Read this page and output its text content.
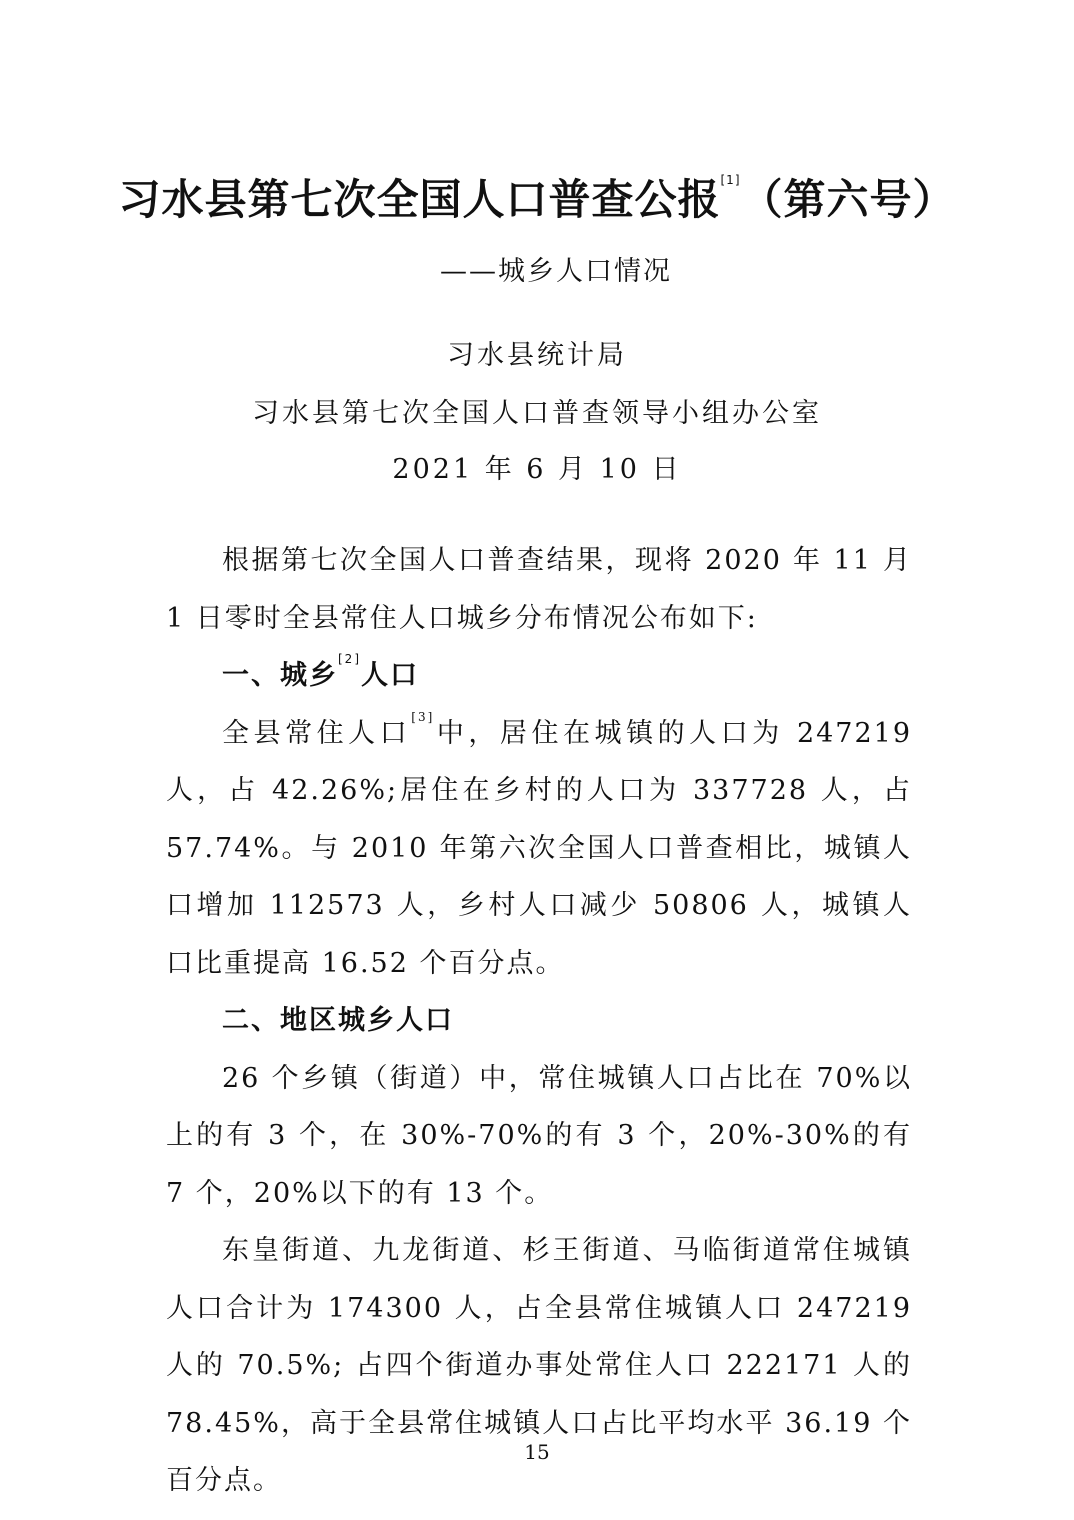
习水县第七次全国人口普查公报[1]（第六号）
——城乡人口情况
习水县统计局
习水县第七次全国人口普查领导小组办公室
2021 年 6 月 10 日

根据第七次全国人口普查结果，现将 2020 年 11 月 1 日零时全县常住人口城乡分布情况公布如下:

一、城乡[2]人口

全县常住人口[3]中，居住在城镇的人口为 247219 人，占 42.26%;居住在乡村的人口为 337728 人，占 57.74%。与 2010 年第六次全国人口普查相比，城镇人口增加 112573 人，乡村人口减少 50806 人，城镇人口比重提高 16.52 个百分点。

二、地区城乡人口

26 个乡镇（街道）中，常住城镇人口占比在 70%以上的有 3 个，在 30%-70%的有 3 个，20%-30%的有 7 个，20%以下的有 13 个。

东皇街道、九龙街道、杉王街道、马临街道常住城镇人口合计为 174300 人，占全县常住城镇人口 247219 人的 70.5%; 占四个街道办事处常住人口 222171 人的 78.45%，高于全县常住城镇人口占比平均水平 36.19 个百分点。

15
